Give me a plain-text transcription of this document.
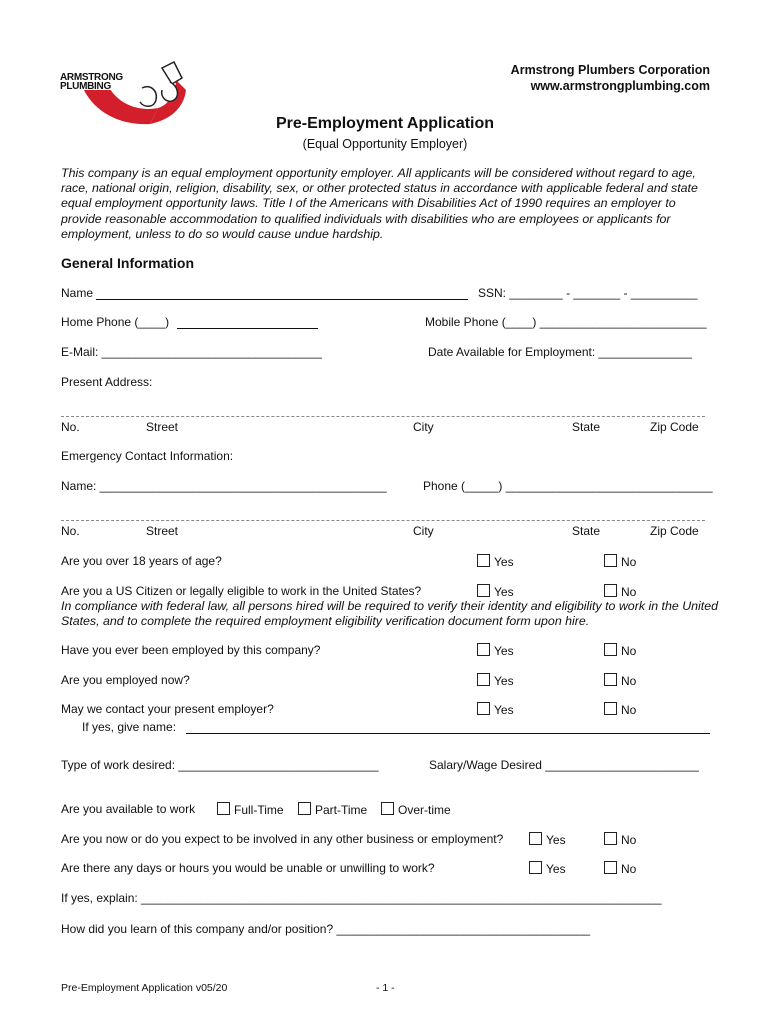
ARMSTRONG
PLUMBING
Armstrong Plumbers Corporation
www.armstrongplumbing.com
Pre-Employment Application
(Equal Opportunity Employer)
This company is an equal employment opportunity employer. All applicants will be considered without regard to age, race, national origin, religion, disability, sex, or other protected status in accordance with applicable federal and state equal employment opportunity laws. Title I of the Americans with Disabilities Act of 1990 requires an employer to provide reasonable accommodation to qualified individuals with disabilities who are employees or applicants for employment, unless to do so would cause undue hardship.
General Information
Name	SSN: ________ - _______ - __________
Home Phone (____)	Mobile Phone (____) _________________________
E-Mail: _________________________________	Date Available for Employment: ______________
Present Address:
No.	Street	City	State	Zip Code
Emergency Contact Information:
Name: ___________________________________________	Phone (_____) _______________________________
No.	Street	City	State	Zip Code
Are you over 18 years of age?	Yes	No
Are you a US Citizen or legally eligible to work in the United States?	Yes	No
In compliance with federal law, all persons hired will be required to verify their identity and eligibility to work in the United States, and to complete the required employment eligibility verification document form upon hire.
Have you ever been employed by this company?	Yes	No
Are you employed now?	Yes	No
May we contact your present employer?	Yes	No
If yes, give name:
Type of work desired: ______________________________	Salary/Wage Desired _______________________
Are you available to work	Full-Time	Part-Time	Over-time
Are you now or do you expect to be involved in any other business or employment?	Yes	No
Are there any days or hours you would be unable or unwilling to work?	Yes	No
If yes, explain: ______________________________________________________________________________
How did you learn of this company and/or position? ______________________________________
Pre-Employment Application v05/20	- 1 -
